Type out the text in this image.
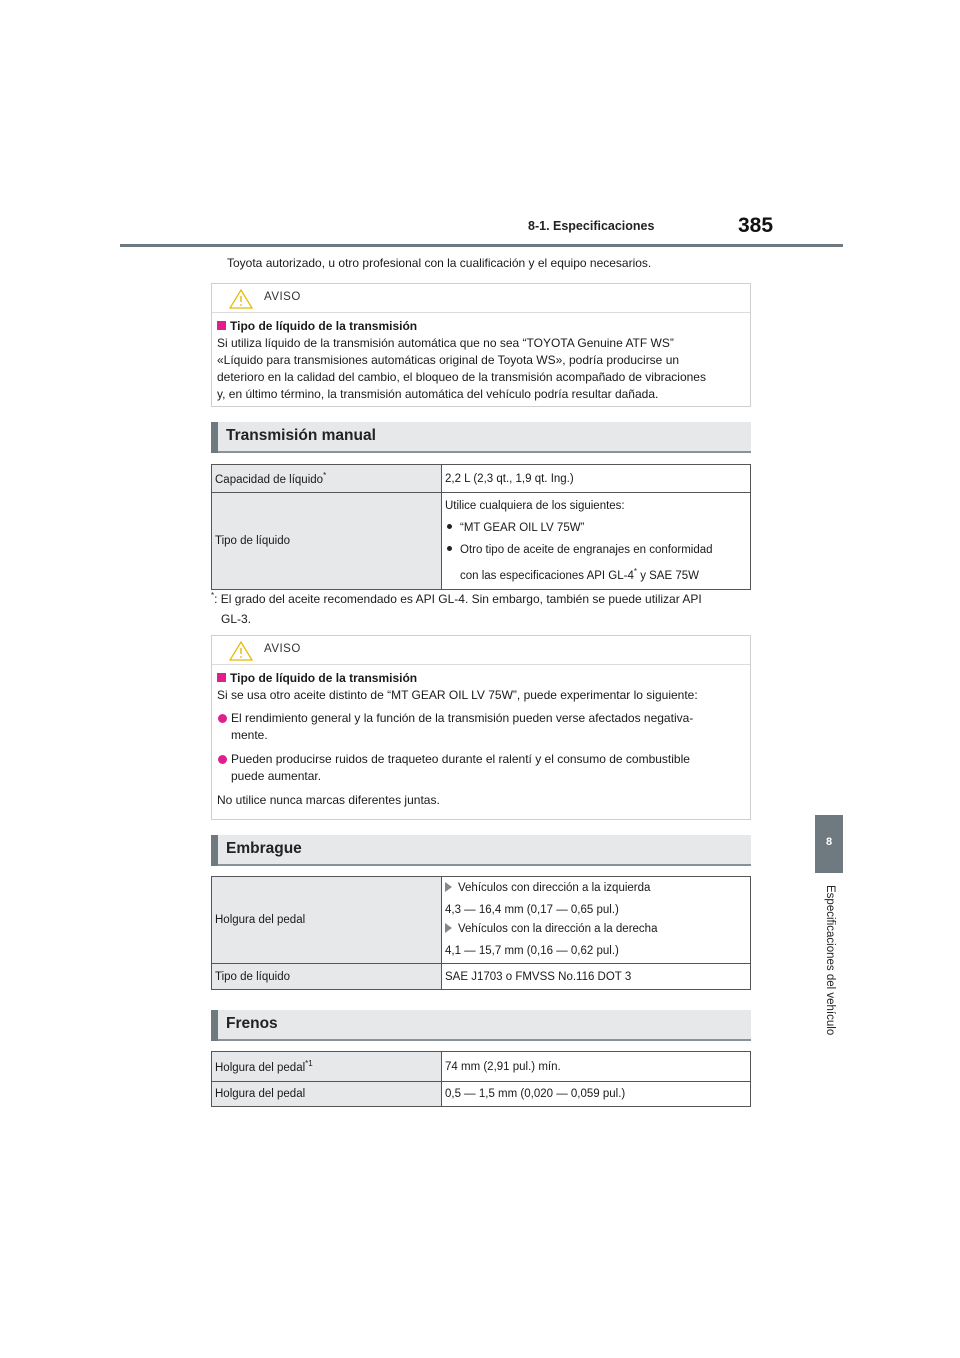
385
8-1. Especificaciones
8
Especificaciones del vehículo
Toyota autorizado, u otro profesional con la cualificación y el equipo necesarios.
AVISO
Tipo de líquido de la transmisión
Si utiliza líquido de la transmisión automática que no sea “TOYOTA Genuine ATF WS”
«Líquido para transmisiones automáticas original de Toyota WS», podría producirse un
deterioro en la calidad del cambio, el bloqueo de la transmisión acompañado de vibraciones
y, en último término, la transmisión automática del vehículo podría resultar dañada.
Transmisión manual
Capacidad de líquido*	2,2 L (2,3 qt., 1,9 qt. Ing.)
Tipo de líquido	Utilice cualquiera de los siguientes:
“MT GEAR OIL LV 75W”
Otro tipo de aceite de engranajes en conformidad
con las especificaciones API GL-4* y SAE 75W
*: El grado del aceite recomendado es API GL-4. Sin embargo, también se puede utilizar API
GL-3.
AVISO
Tipo de líquido de la transmisión
Si se usa otro aceite distinto de “MT GEAR OIL LV 75W”, puede experimentar lo siguiente:
El rendimiento general y la función de la transmisión pueden verse afectados negativa-
mente.
Pueden producirse ruidos de traqueteo durante el ralentí y el consumo de combustible
puede aumentar.
No utilice nunca marcas diferentes juntas.
Embrague
Holgura del pedal	Vehículos con dirección a la izquierda
4,3 — 16,4 mm (0,17 — 0,65 pul.)
Vehículos con la dirección a la derecha
4,1 — 15,7 mm (0,16 — 0,62 pul.)

Tipo de líquido	SAE J1703 o FMVSS No.116 DOT 3
Frenos
Holgura del pedal$^{*1}$	74 mm (2,91 pul.) mín.
Holgura del pedal	0,5 — 1,5 mm (0,020 — 0,059 pul.)
